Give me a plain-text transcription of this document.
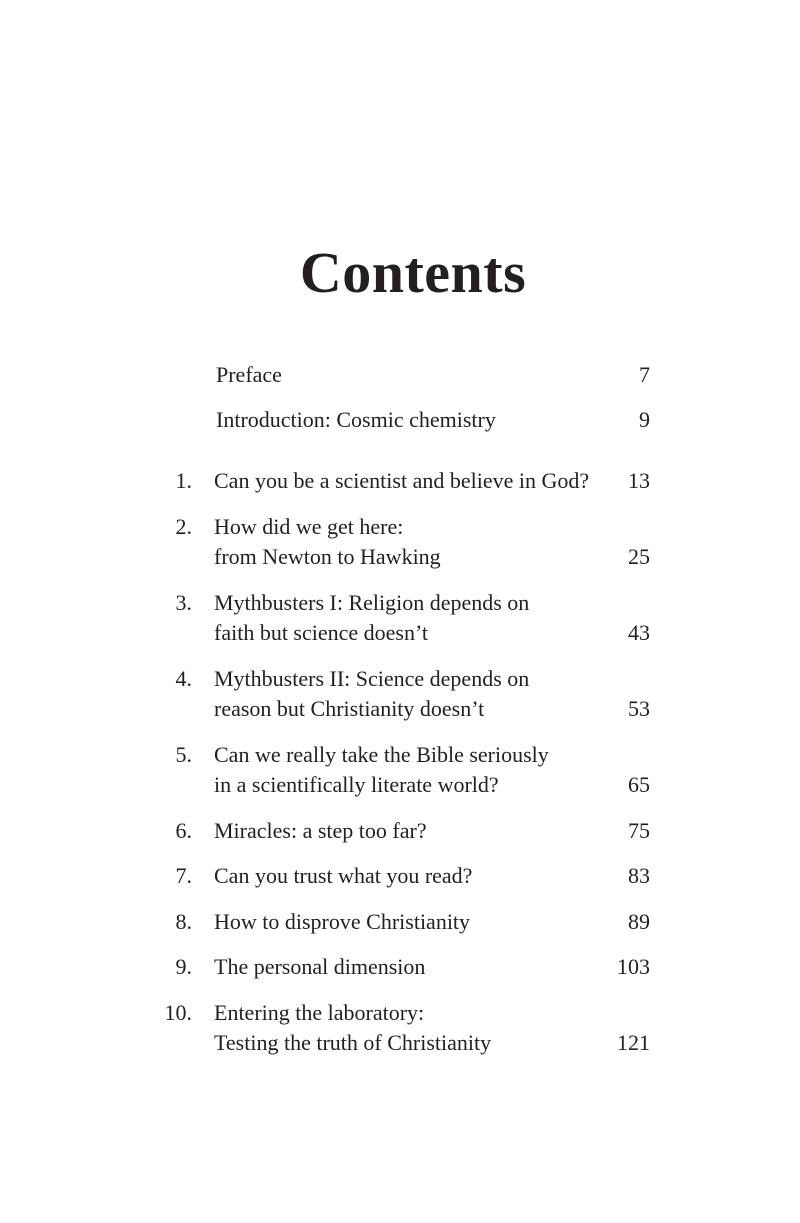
Contents
Preface	7
Introduction: Cosmic chemistry	9
1. Can you be a scientist and believe in God?	13
2. How did we get here:
from Newton to Hawking	25
3. Mythbusters I: Religion depends on
faith but science doesn’t	43
4. Mythbusters II: Science depends on
reason but Christianity doesn’t	53
5. Can we really take the Bible seriously
in a scientifically literate world?	65
6. Miracles: a step too far?	75
7. Can you trust what you read?	83
8. How to disprove Christianity	89
9. The personal dimension	103
10. Entering the laboratory:
Testing the truth of Christianity	121
